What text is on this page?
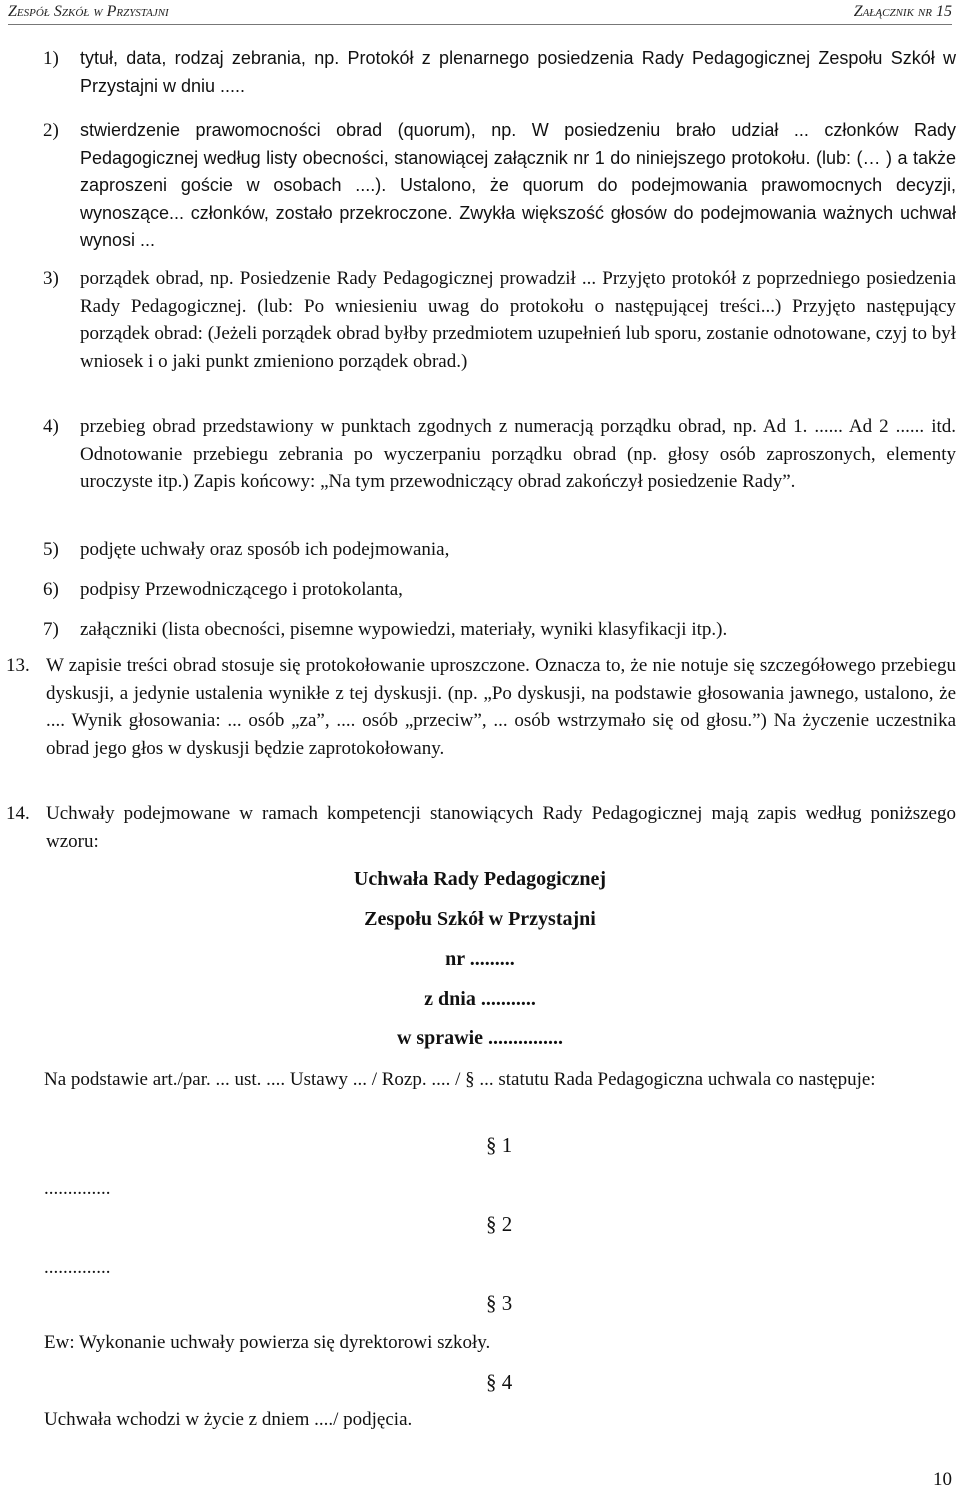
Zespół Szkół w Przystajni	Załącznik nr 15
1) tytuł, data, rodzaj zebrania, np. Protokół z plenarnego posiedzenia Rady Pedagogicznej Zespołu Szkół w Przystajni w dniu .....

2) stwierdzenie prawomocności obrad (quorum), np. W posiedzeniu brało udział ... członków Rady Pedagogicznej według listy obecności, stanowiącej załącznik nr 1 do niniejszego protokołu. (lub: (… ) a także zaproszeni goście w osobach ....). Ustalono, że quorum do podejmowania prawomocnych decyzji, wynoszące... członków, zostało przekroczone. Zwykła większość głosów do podejmowania ważnych uchwał wynosi ...

3) porządek obrad, np. Posiedzenie Rady Pedagogicznej prowadził ... Przyjęto protokół z poprzedniego posiedzenia Rady Pedagogicznej. (lub: Po wniesieniu uwag do protokołu o następującej treści...) Przyjęto następujący porządek obrad: (Jeżeli porządek obrad byłby przedmiotem uzupełnień lub sporu, zostanie odnotowane, czyj to był wniosek i o jaki punkt zmieniono porządek obrad.)

4) przebieg obrad przedstawiony w punktach zgodnych z numeracją porządku obrad, np. Ad 1. ...... Ad 2 ...... itd. Odnotowanie przebiegu zebrania po wyczerpaniu porządku obrad (np. głosy osób zaproszonych, elementy uroczyste itp.) Zapis końcowy: „Na tym przewodniczący obrad zakończył posiedzenie Rady”.

5) podjęte uchwały oraz sposób ich podejmowania,

6) podpisy Przewodniczącego i protokolanta,

7) załączniki (lista obecności, pisemne wypowiedzi, materiały, wyniki klasyfikacji itp.).

13. W zapisie treści obrad stosuje się protokołowanie uproszczone. Oznacza to, że nie notuje się szczegółowego przebiegu dyskusji, a jedynie ustalenia wynikłe z tej dyskusji. (np. „Po dyskusji, na podstawie głosowania jawnego, ustalono, że .... Wynik głosowania: ... osób „za”, .... osób „przeciw”, ... osób wstrzymało się od głosu.”) Na życzenie uczestnika obrad jego głos w dyskusji będzie zaprotokołowany.

14. Uchwały podejmowane w ramach kompetencji stanowiących Rady Pedagogicznej mają zapis według poniższego wzoru:

Uchwała Rady Pedagogicznej
Zespołu Szkół w Przystajni
nr .........
z dnia ...........
w sprawie ...............

Na podstawie art./par. ... ust. .... Ustawy ... / Rozp. .... / § ... statutu Rada Pedagogiczna uchwala co następuje:

§ 1
..............
§ 2
..............
§ 3
Ew: Wykonanie uchwały powierza się dyrektorowi szkoły.
§ 4
Uchwała wchodzi w życie z dniem ..../ podjęcia.
10
